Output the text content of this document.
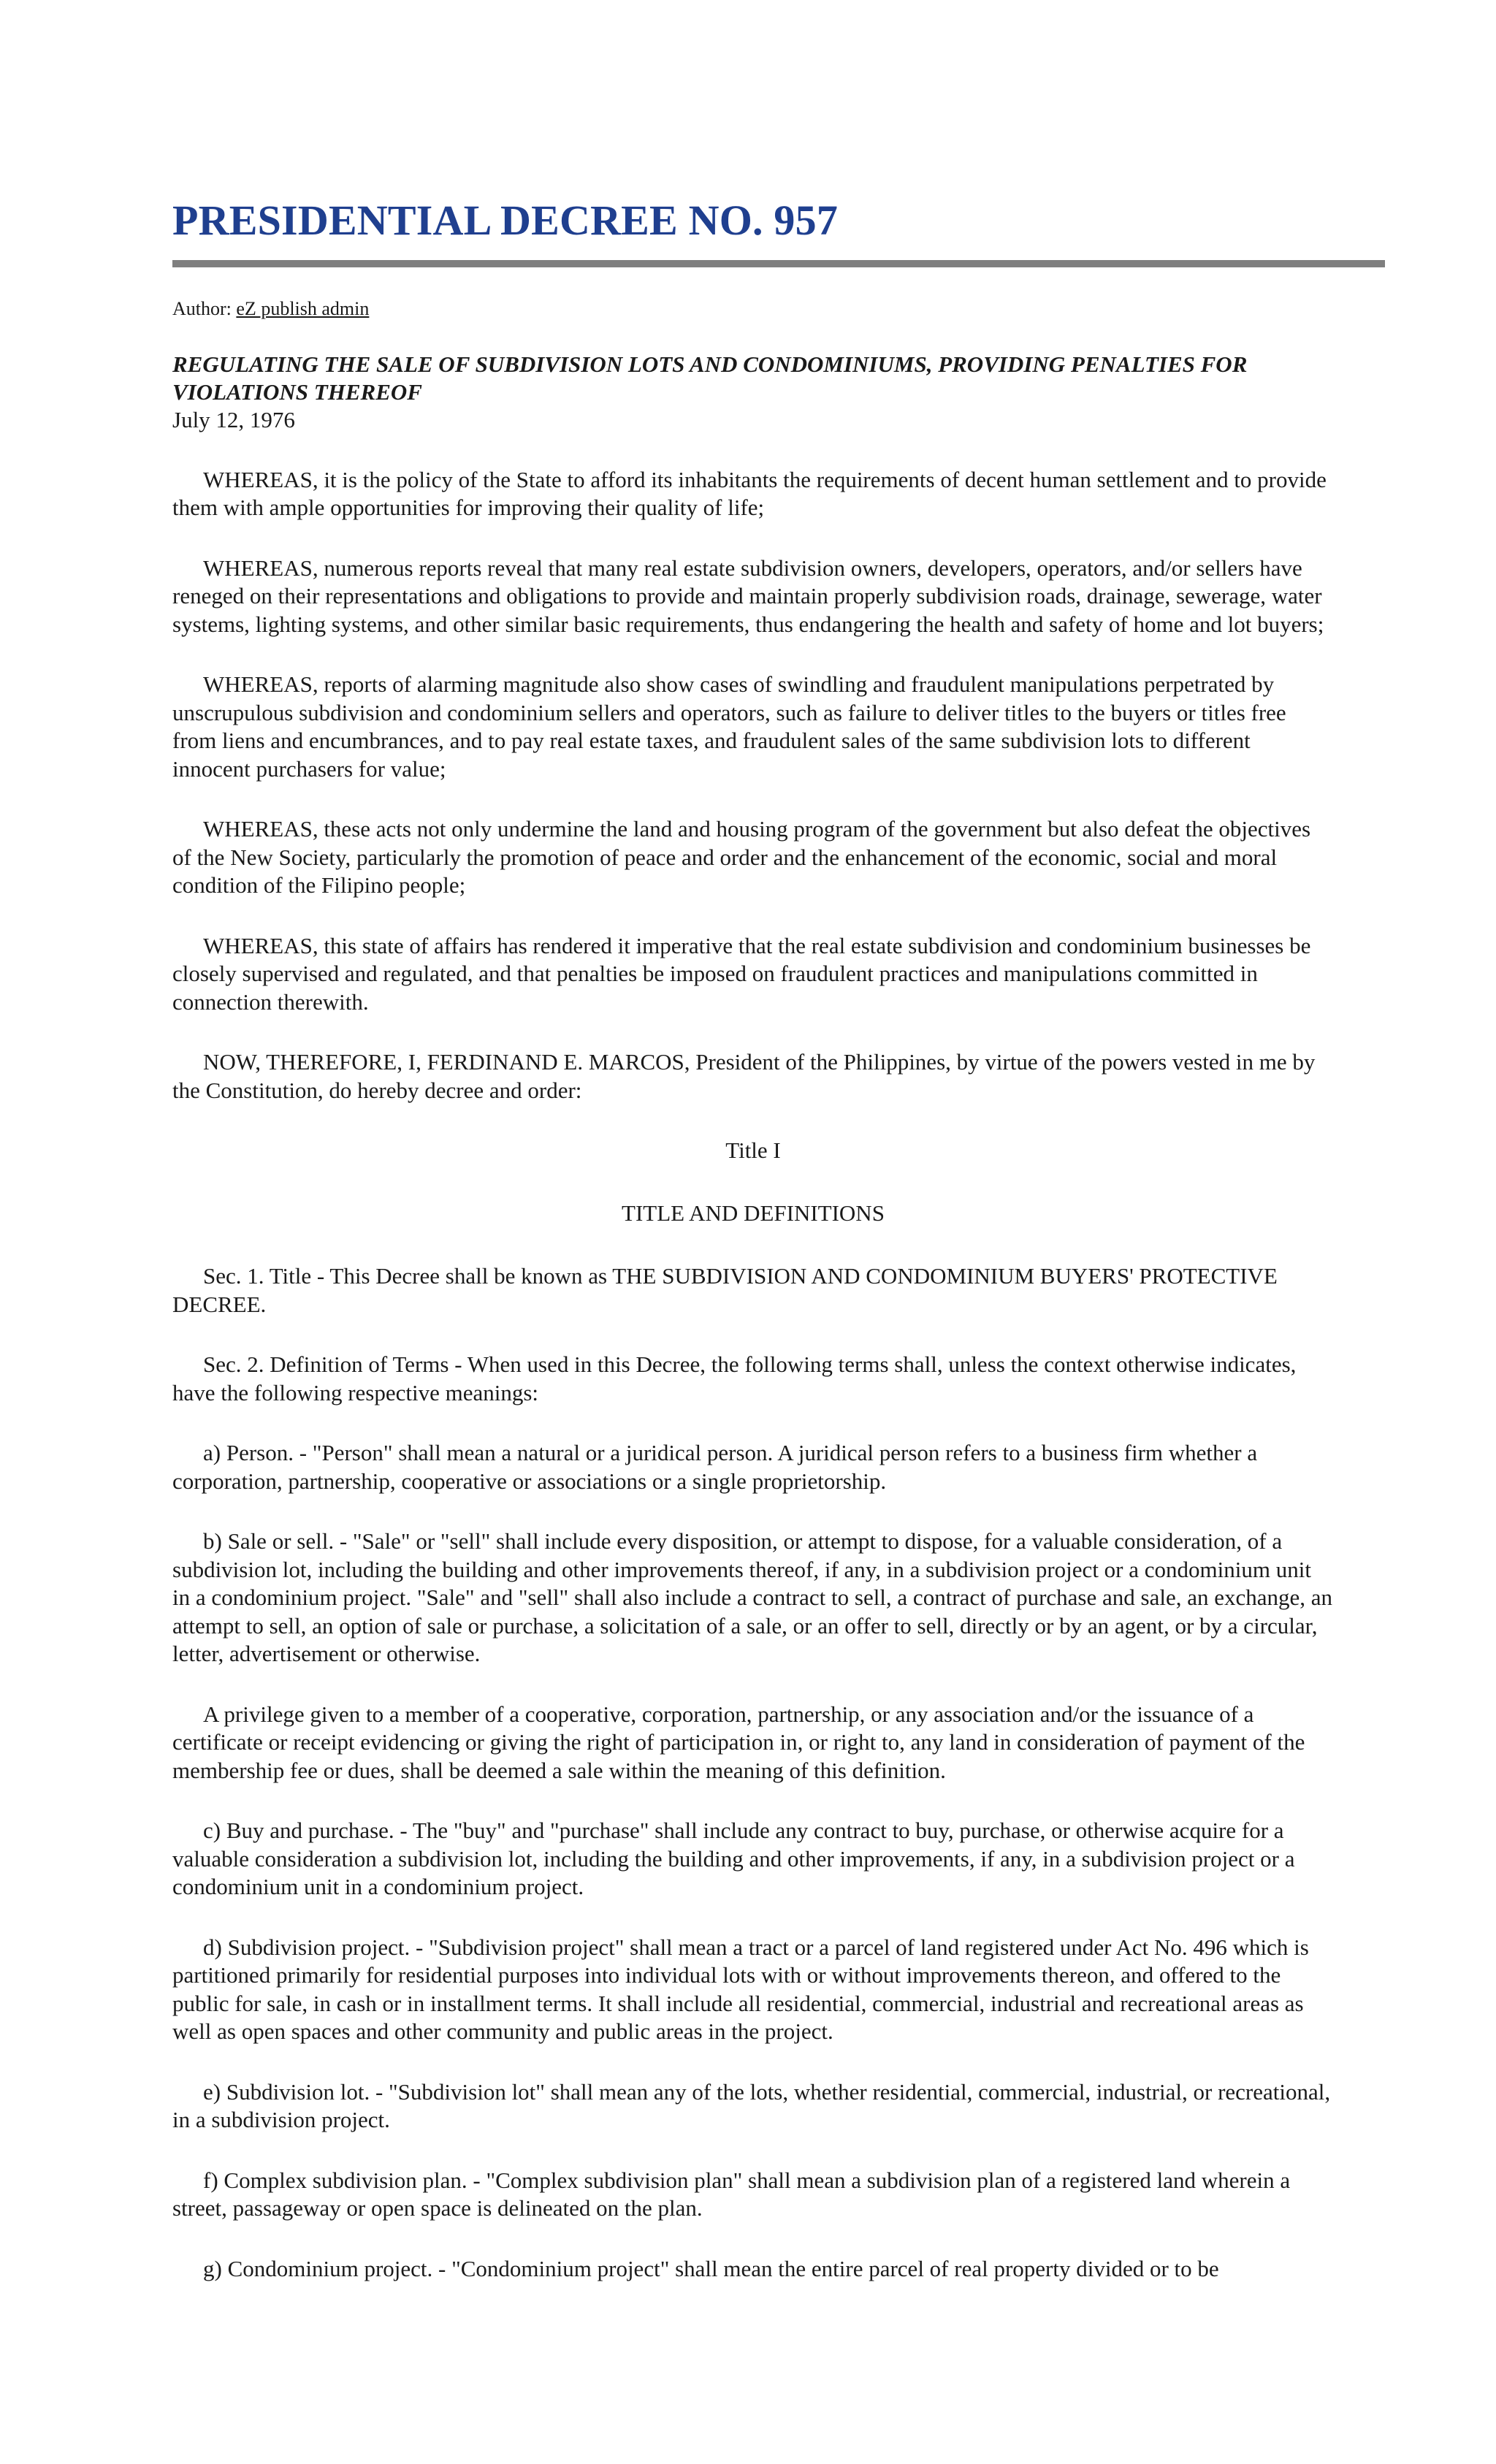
PRESIDENTIAL DECREE NO. 957
Author: eZ publish admin
REGULATING THE SALE OF SUBDIVISION LOTS AND CONDOMINIUMS, PROVIDING PENALTIES FOR VIOLATIONS THEREOF
July 12, 1976

WHEREAS, it is the policy of the State to afford its inhabitants the requirements of decent human settlement and to provide them with ample opportunities for improving their quality of life;

WHEREAS, numerous reports reveal that many real estate subdivision owners, developers, operators, and/or sellers have reneged on their representations and obligations to provide and maintain properly subdivision roads, drainage, sewerage, water systems, lighting systems, and other similar basic requirements, thus endangering the health and safety of home and lot buyers;

WHEREAS, reports of alarming magnitude also show cases of swindling and fraudulent manipulations perpetrated by unscrupulous subdivision and condominium sellers and operators, such as failure to deliver titles to the buyers or titles free from liens and encumbrances, and to pay real estate taxes, and fraudulent sales of the same subdivision lots to different innocent purchasers for value;

WHEREAS, these acts not only undermine the land and housing program of the government but also defeat the objectives of the New Society, particularly the promotion of peace and order and the enhancement of the economic, social and moral condition of the Filipino people;

WHEREAS, this state of affairs has rendered it imperative that the real estate subdivision and condominium businesses be closely supervised and regulated, and that penalties be imposed on fraudulent practices and manipulations committed in connection therewith.

NOW, THEREFORE, I, FERDINAND E. MARCOS, President of the Philippines, by virtue of the powers vested in me by the Constitution, do hereby decree and order:

Title I

TITLE AND DEFINITIONS

Sec. 1. Title - This Decree shall be known as THE SUBDIVISION AND CONDOMINIUM BUYERS' PROTECTIVE DECREE.

Sec. 2. Definition of Terms - When used in this Decree, the following terms shall, unless the context otherwise indicates, have the following respective meanings:

a) Person. - "Person" shall mean a natural or a juridical person. A juridical person refers to a business firm whether a corporation, partnership, cooperative or associations or a single proprietorship.

b) Sale or sell. - "Sale" or "sell" shall include every disposition, or attempt to dispose, for a valuable consideration, of a subdivision lot, including the building and other improvements thereof, if any, in a subdivision project or a condominium unit in a condominium project. "Sale" and "sell" shall also include a contract to sell, a contract of purchase and sale, an exchange, an attempt to sell, an option of sale or purchase, a solicitation of a sale, or an offer to sell, directly or by an agent, or by a circular, letter, advertisement or otherwise.

A privilege given to a member of a cooperative, corporation, partnership, or any association and/or the issuance of a certificate or receipt evidencing or giving the right of participation in, or right to, any land in consideration of payment of the membership fee or dues, shall be deemed a sale within the meaning of this definition.

c) Buy and purchase. - The "buy" and "purchase" shall include any contract to buy, purchase, or otherwise acquire for a valuable consideration a subdivision lot, including the building and other improvements, if any, in a subdivision project or a condominium unit in a condominium project.

d) Subdivision project. - "Subdivision project" shall mean a tract or a parcel of land registered under Act No. 496 which is partitioned primarily for residential purposes into individual lots with or without improvements thereon, and offered to the public for sale, in cash or in installment terms. It shall include all residential, commercial, industrial and recreational areas as well as open spaces and other community and public areas in the project.

e) Subdivision lot. - "Subdivision lot" shall mean any of the lots, whether residential, commercial, industrial, or recreational, in a subdivision project.

f) Complex subdivision plan. - "Complex subdivision plan" shall mean a subdivision plan of a registered land wherein a street, passageway or open space is delineated on the plan.

g) Condominium project. - "Condominium project" shall mean the entire parcel of real property divided or to be
